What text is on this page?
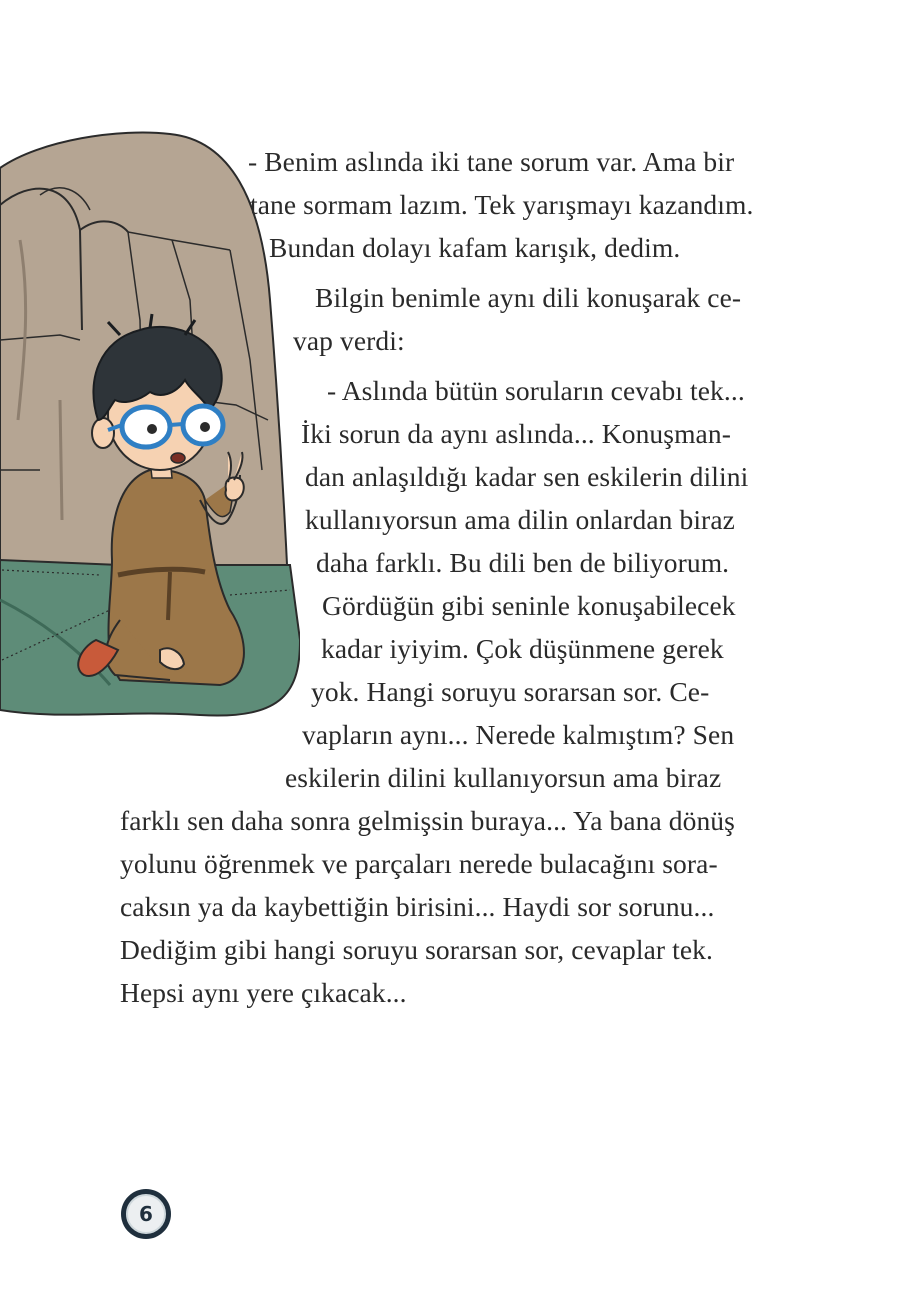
- Benim aslında iki tane sorum var. Ama bir
tane sormam lazım. Tek yarışmayı kazandım.
Bundan dolayı kafam karışık, dedim.
Bilgin benimle aynı dili konuşarak ce-
vap verdi:
- Aslında bütün soruların cevabı tek...
İki sorun da aynı aslında... Konuşman-
dan anlaşıldığı kadar sen eskilerin dilini
kullanıyorsun ama dilin onlardan biraz
daha farklı. Bu dili ben de biliyorum.
Gördüğün gibi seninle konuşabilecek
kadar iyiyim. Çok düşünmene gerek
yok. Hangi soruyu sorarsan sor. Ce-
vapların aynı... Nerede kalmıştım? Sen
eskilerin dilini kullanıyorsun ama biraz
farklı sen daha sonra gelmişsin buraya... Ya bana dönüş
yolunu öğrenmek ve parçaları nerede bulacağını sora-
caksın ya da kaybettiğin birisini... Haydi sor sorunu...
Dediğim gibi hangi soruyu sorarsan sor, cevaplar tek.
Hepsi aynı yere çıkacak...
6
